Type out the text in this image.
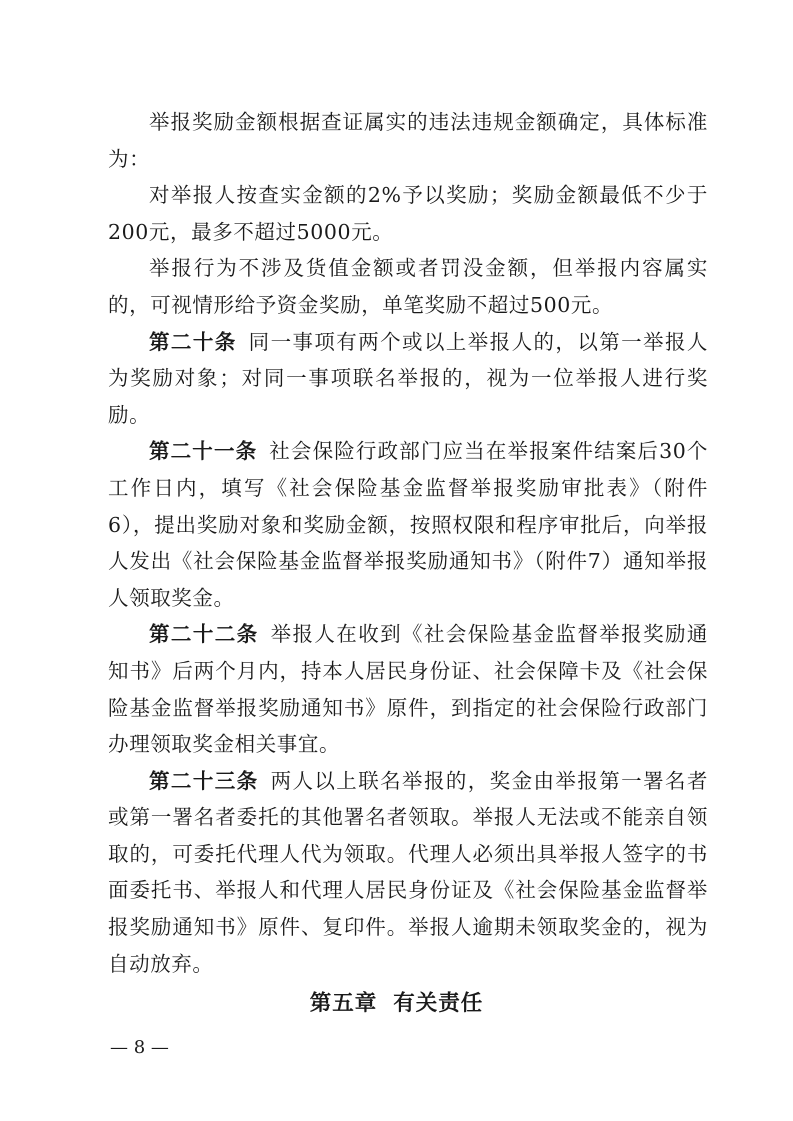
举报奖励金额根据查证属实的违法违规金额确定，具体标准为：

对举报人按查实金额的2%予以奖励；奖励金额最低不少于200元，最多不超过5000元。

举报行为不涉及货值金额或者罚没金额，但举报内容属实的，可视情形给予资金奖励，单笔奖励不超过500元。

第二十条 同一事项有两个或以上举报人的，以第一举报人为奖励对象；对同一事项联名举报的，视为一位举报人进行奖励。

第二十一条 社会保险行政部门应当在举报案件结案后30个工作日内，填写《社会保险基金监督举报奖励审批表》（附件6），提出奖励对象和奖励金额，按照权限和程序审批后，向举报人发出《社会保险基金监督举报奖励通知书》（附件7）通知举报人领取奖金。

第二十二条 举报人在收到《社会保险基金监督举报奖励通知书》后两个月内，持本人居民身份证、社会保障卡及《社会保险基金监督举报奖励通知书》原件，到指定的社会保险行政部门办理领取奖金相关事宜。

第二十三条 两人以上联名举报的，奖金由举报第一署名者或第一署名者委托的其他署名者领取。举报人无法或不能亲自领取的，可委托代理人代为领取。代理人必须出具举报人签字的书面委托书、举报人和代理人居民身份证及《社会保险基金监督举报奖励通知书》原件、复印件。举报人逾期未领取奖金的，视为自动放弃。

第五章 有关责任
— 8 —
